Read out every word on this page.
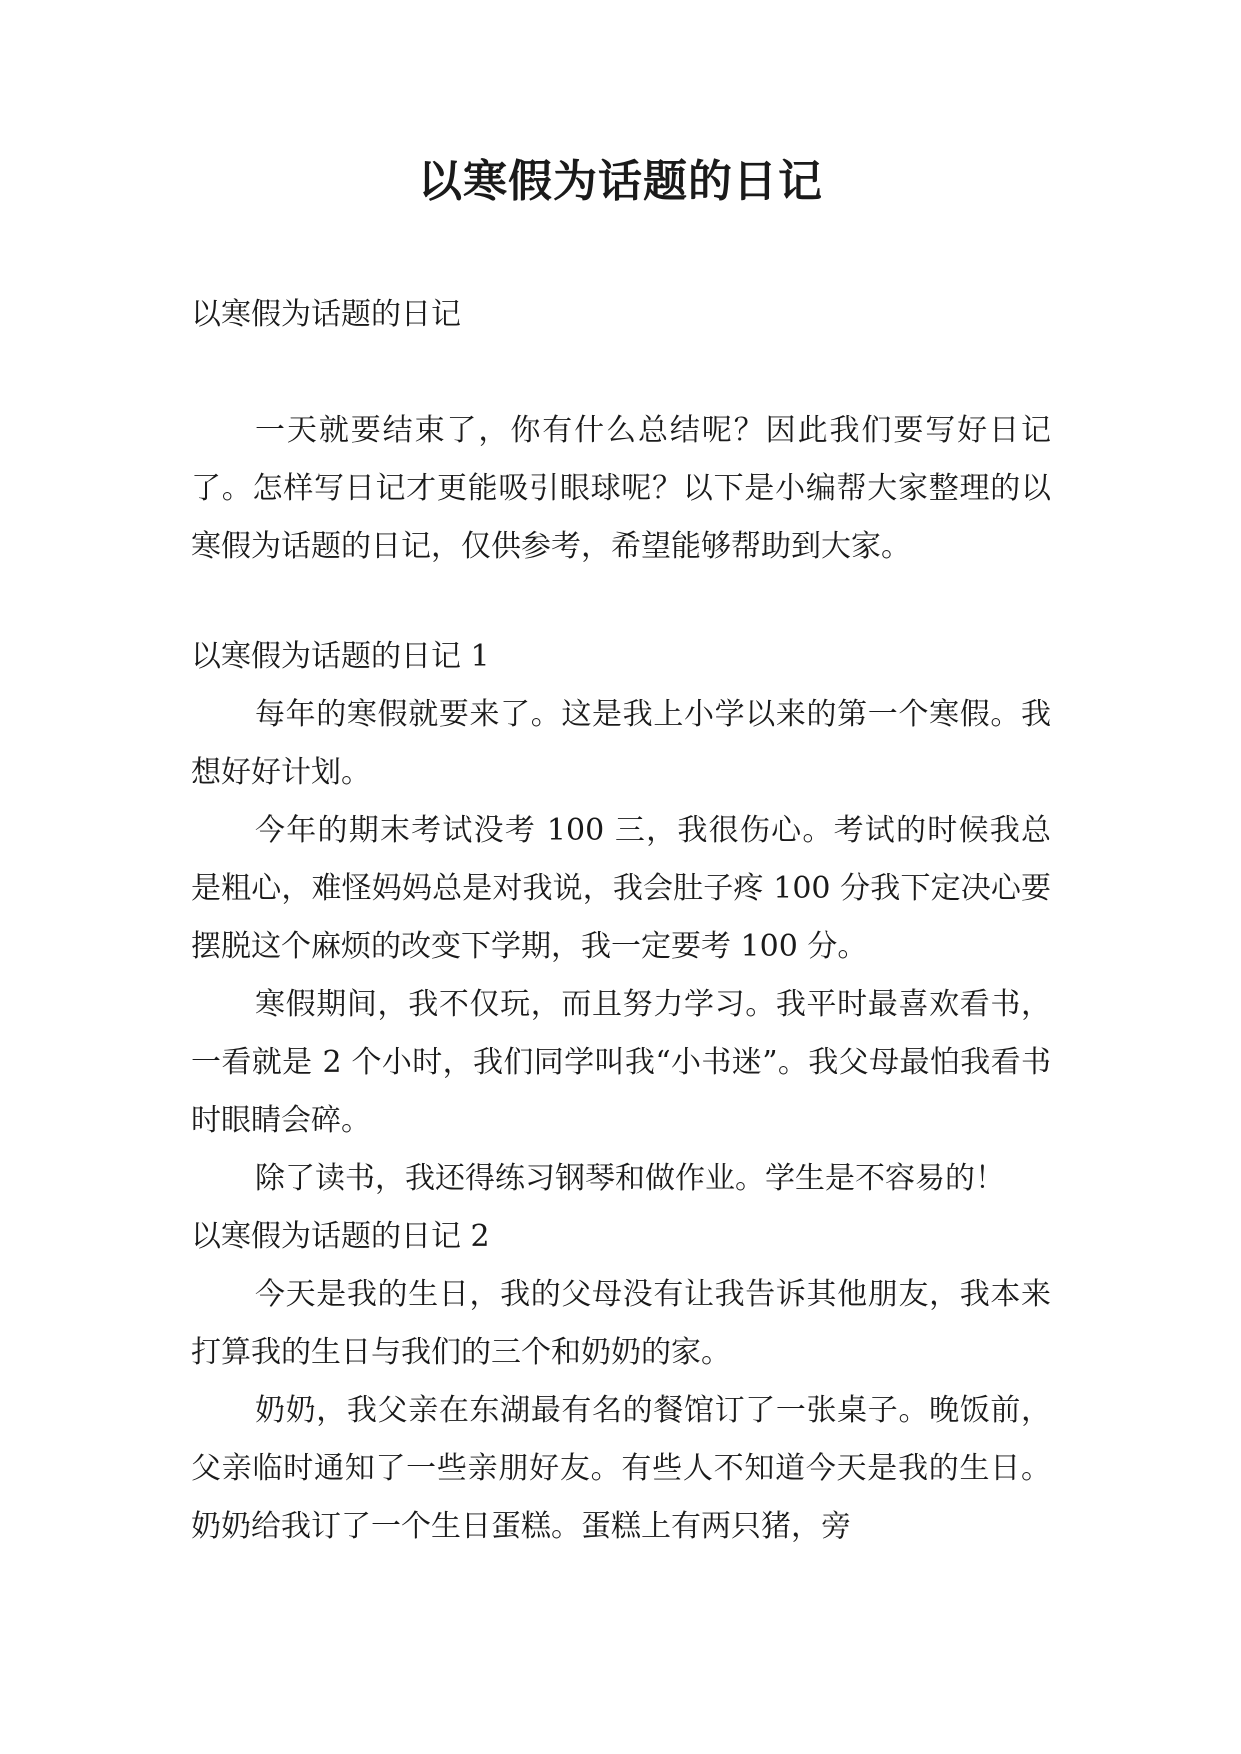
以寒假为话题的日记

以寒假为话题的日记

一天就要结束了，你有什么总结呢？因此我们要写好日记了。怎样写日记才更能吸引眼球呢？以下是小编帮大家整理的以寒假为话题的日记，仅供参考，希望能够帮助到大家。

以寒假为话题的日记 1

每年的寒假就要来了。这是我上小学以来的第一个寒假。我想好好计划。

今年的期末考试没考 100 三，我很伤心。考试的时候我总是粗心，难怪妈妈总是对我说，我会肚子疼 100 分我下定决心要摆脱这个麻烦的改变下学期，我一定要考 100 分。

寒假期间，我不仅玩，而且努力学习。我平时最喜欢看书，一看就是 2 个小时，我们同学叫我“小书迷”。我父母最怕我看书时眼睛会碎。

除了读书，我还得练习钢琴和做作业。学生是不容易的！

以寒假为话题的日记 2

今天是我的生日，我的父母没有让我告诉其他朋友，我本来打算我的生日与我们的三个和奶奶的家。

奶奶，我父亲在东湖最有名的餐馆订了一张桌子。晚饭前，父亲临时通知了一些亲朋好友。有些人不知道今天是我的生日。奶奶给我订了一个生日蛋糕。蛋糕上有两只猪，旁
